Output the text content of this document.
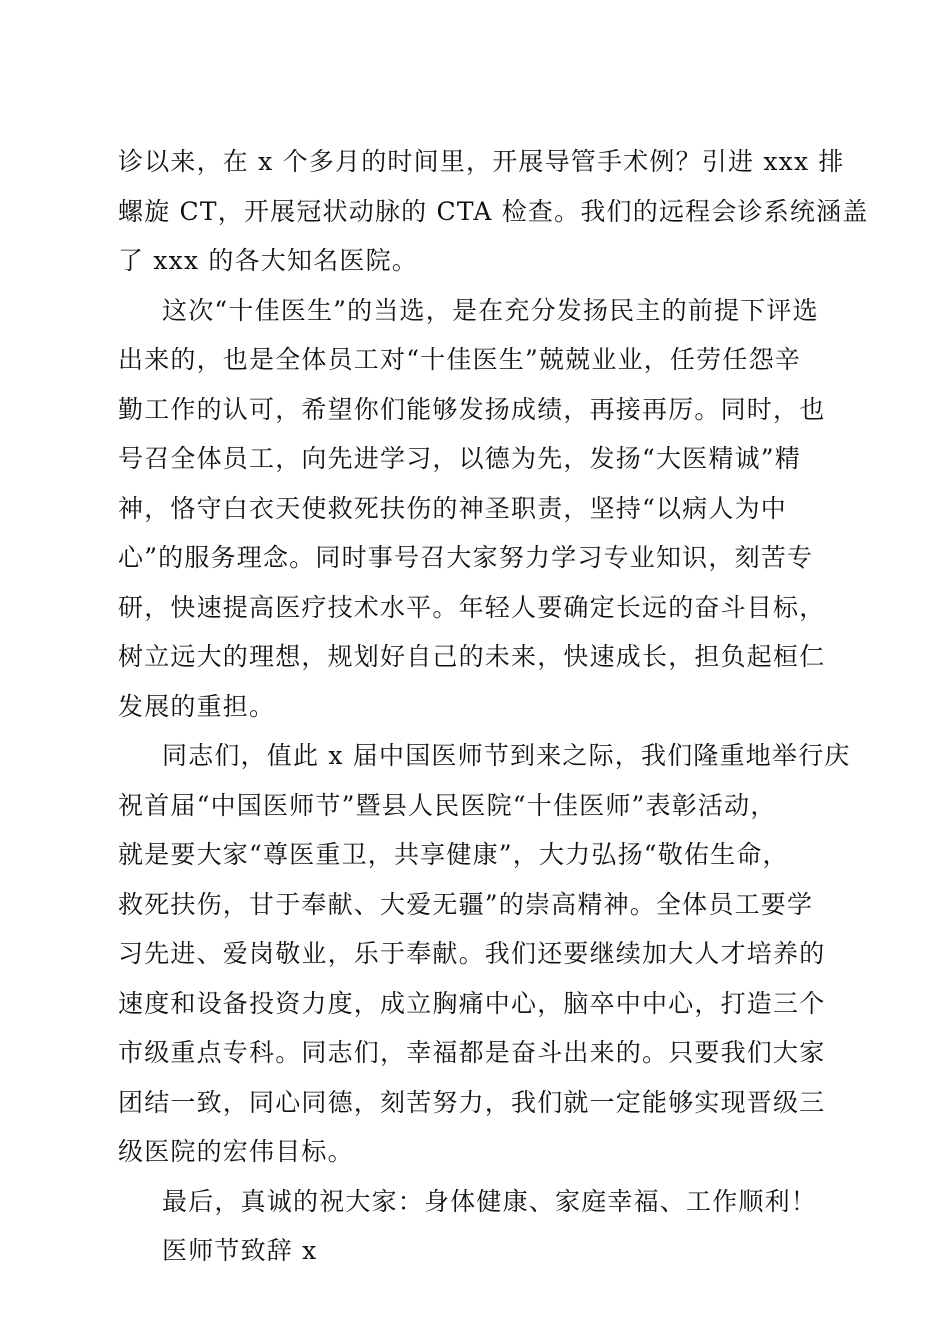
诊以来，在 x 个多月的时间里，开展导管手术例？引进 xxx 排
螺旋 CT，开展冠状动脉的 CTA 检查。我们的远程会诊系统涵盖
了 xxx 的各大知名医院。
这次“十佳医生”的当选，是在充分发扬民主的前提下评选
出来的，也是全体员工对“十佳医生”兢兢业业，任劳任怨辛
勤工作的认可，希望你们能够发扬成绩，再接再厉。同时，也
号召全体员工，向先进学习，以德为先，发扬“大医精诚”精
神，恪守白衣天使救死扶伤的神圣职责，坚持“以病人为中
心”的服务理念。同时事号召大家努力学习专业知识，刻苦专
研，快速提高医疗技术水平。年轻人要确定长远的奋斗目标，
树立远大的理想，规划好自己的未来，快速成长，担负起桓仁
发展的重担。
同志们，值此 x 届中国医师节到来之际，我们隆重地举行庆
祝首届“中国医师节”暨县人民医院“十佳医师”表彰活动，
就是要大家“尊医重卫，共享健康”，大力弘扬“敬佑生命，
救死扶伤，甘于奉献、大爱无疆”的崇高精神。全体员工要学
习先进、爱岗敬业，乐于奉献。我们还要继续加大人才培养的
速度和设备投资力度，成立胸痛中心，脑卒中中心，打造三个
市级重点专科。同志们，幸福都是奋斗出来的。只要我们大家
团结一致，同心同德，刻苦努力，我们就一定能够实现晋级三
级医院的宏伟目标。
最后，真诚的祝大家：身体健康、家庭幸福、工作顺利！
医师节致辞 x
